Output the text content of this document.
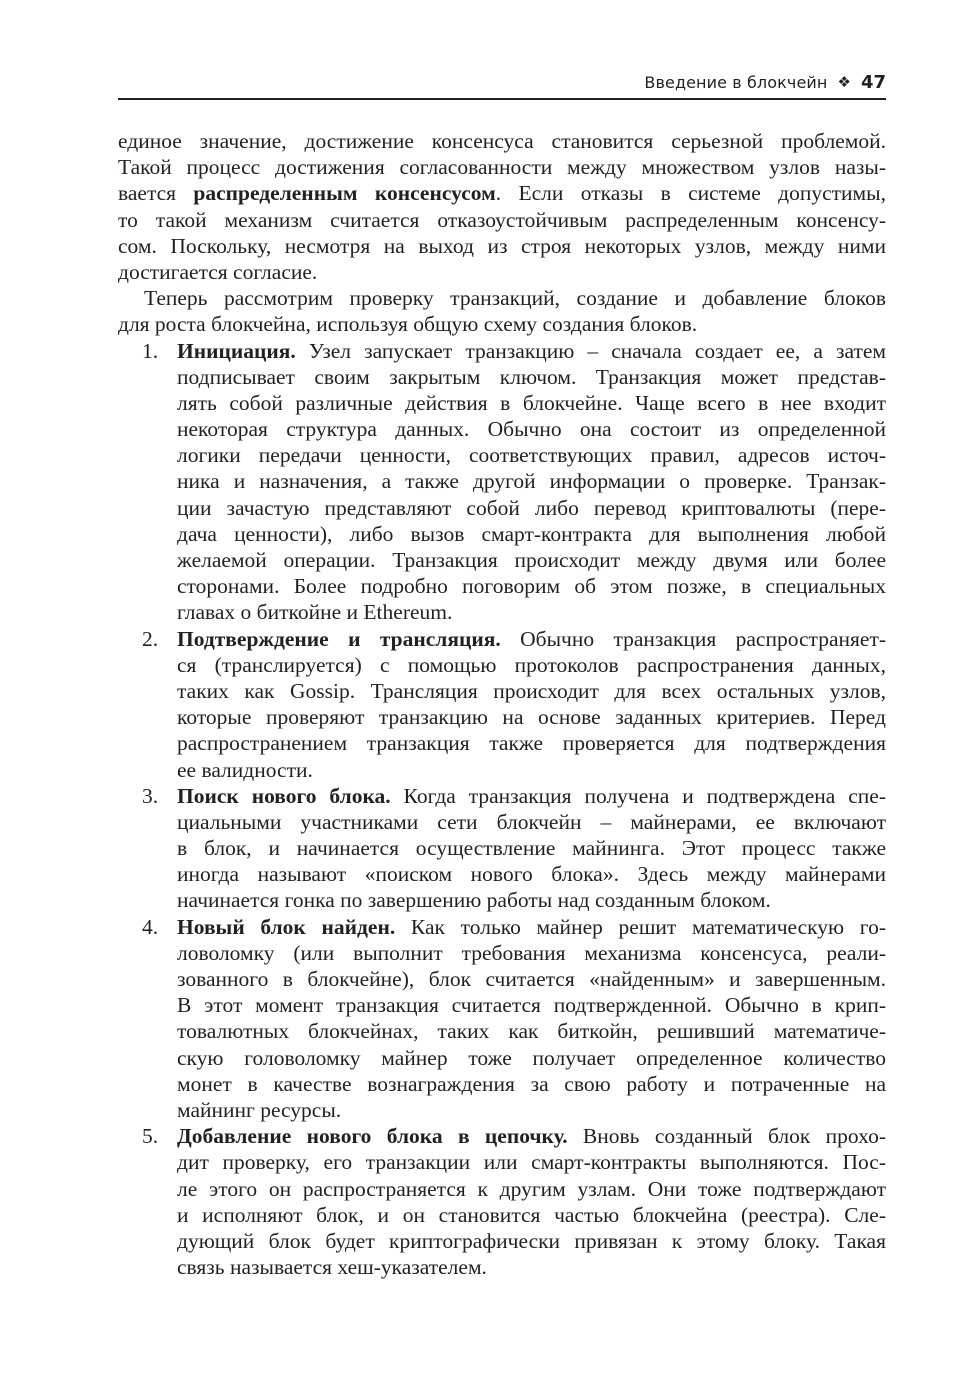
Введение в блокчейн ❖ 47
единое значение, достижение консенсуса становится серьезной проблемой.
Такой процесс достижения согласованности между множеством узлов назы-
вается распределенным консенсусом. Если отказы в системе допустимы,
то такой механизм считается отказоустойчивым распределенным консенсу-
сом. Поскольку, несмотря на выход из строя некоторых узлов, между ними
достигается согласие.
Теперь рассмотрим проверку транзакций, создание и добавление блоков
для роста блокчейна, используя общую схему создания блоков.
1. Инициация. Узел запускает транзакцию – сначала создает ее, а затем
подписывает своим закрытым ключом. Транзакция может представ-
лять собой различные действия в блокчейне. Чаще всего в нее входит
некоторая структура данных. Обычно она состоит из определенной
логики передачи ценности, соответствующих правил, адресов источ-
ника и назначения, а также другой информации о проверке. Транзак-
ции зачастую представляют собой либо перевод криптовалюты (пере-
дача ценности), либо вызов смарт-контракта для выполнения любой
желаемой операции. Транзакция происходит между двумя или более
сторонами. Более подробно поговорим об этом позже, в специальных
главах о биткойне и Ethereum.
2. Подтверждение и трансляция. Обычно транзакция распространяет-
ся (транслируется) с помощью протоколов распространения данных,
таких как Gossip. Трансляция происходит для всех остальных узлов,
которые проверяют транзакцию на основе заданных критериев. Перед
распространением транзакция также проверяется для подтверждения
ее валидности.
3. Поиск нового блока. Когда транзакция получена и подтверждена спе-
циальными участниками сети блокчейн – майнерами, ее включают
в блок, и начинается осуществление майнинга. Этот процесс также
иногда называют «поиском нового блока». Здесь между майнерами
начинается гонка по завершению работы над созданным блоком.
4. Новый блок найден. Как только майнер решит математическую го-
ловоломку (или выполнит требования механизма консенсуса, реали-
зованного в блокчейне), блок считается «найденным» и завершенным.
В этот момент транзакция считается подтвержденной. Обычно в крип-
товалютных блокчейнах, таких как биткойн, решивший математиче-
скую головоломку майнер тоже получает определенное количество
монет в качестве вознаграждения за свою работу и потраченные на
майнинг ресурсы.
5. Добавление нового блока в цепочку. Вновь созданный блок прохо-
дит проверку, его транзакции или смарт-контракты выполняются. Пос-
ле этого он распространяется к другим узлам. Они тоже подтверждают
и исполняют блок, и он становится частью блокчейна (реестра). Сле-
дующий блок будет криптографически привязан к этому блоку. Такая
связь называется хеш-указателем.
